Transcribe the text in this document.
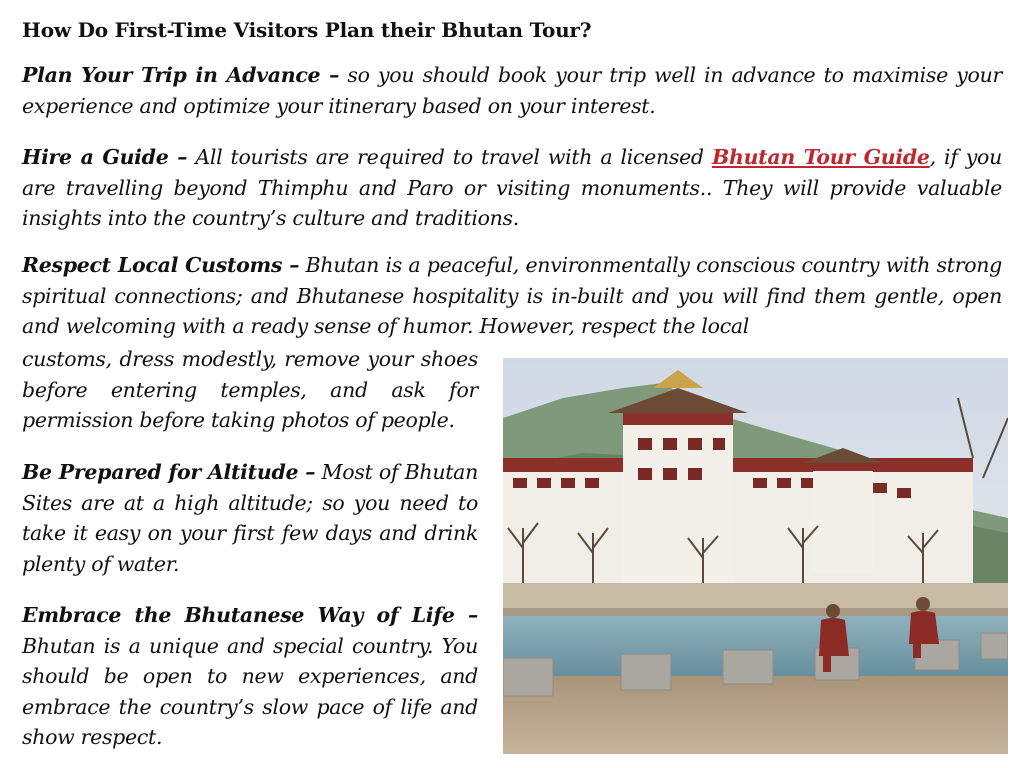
How Do First-Time Visitors Plan their Bhutan Tour?

Plan Your Trip in Advance – so you should book your trip well in advance to maximise your experience and optimize your itinerary based on your interest.

Hire a Guide – All tourists are required to travel with a licensed Bhutan Tour Guide, if you are travelling beyond Thimphu and Paro or visiting monuments.. They will provide valuable insights into the country’s culture and traditions.

Respect Local Customs – Bhutan is a peaceful, environmentally conscious country with strong spiritual connections; and Bhutanese hospitality is in-built and you will find them gentle, open and welcoming with a ready sense of humor. However, respect the local

customs, dress modestly, remove your shoes before entering temples, and ask for permission before taking photos of people.

Be Prepared for Altitude – Most of Bhutan Sites are at a high altitude; so you need to take it easy on your first few days and drink plenty of water.

Embrace the Bhutanese Way of Life – Bhutan is a unique and special country. You should be open to new experiences, and embrace the country’s slow pace of life and show respect.
